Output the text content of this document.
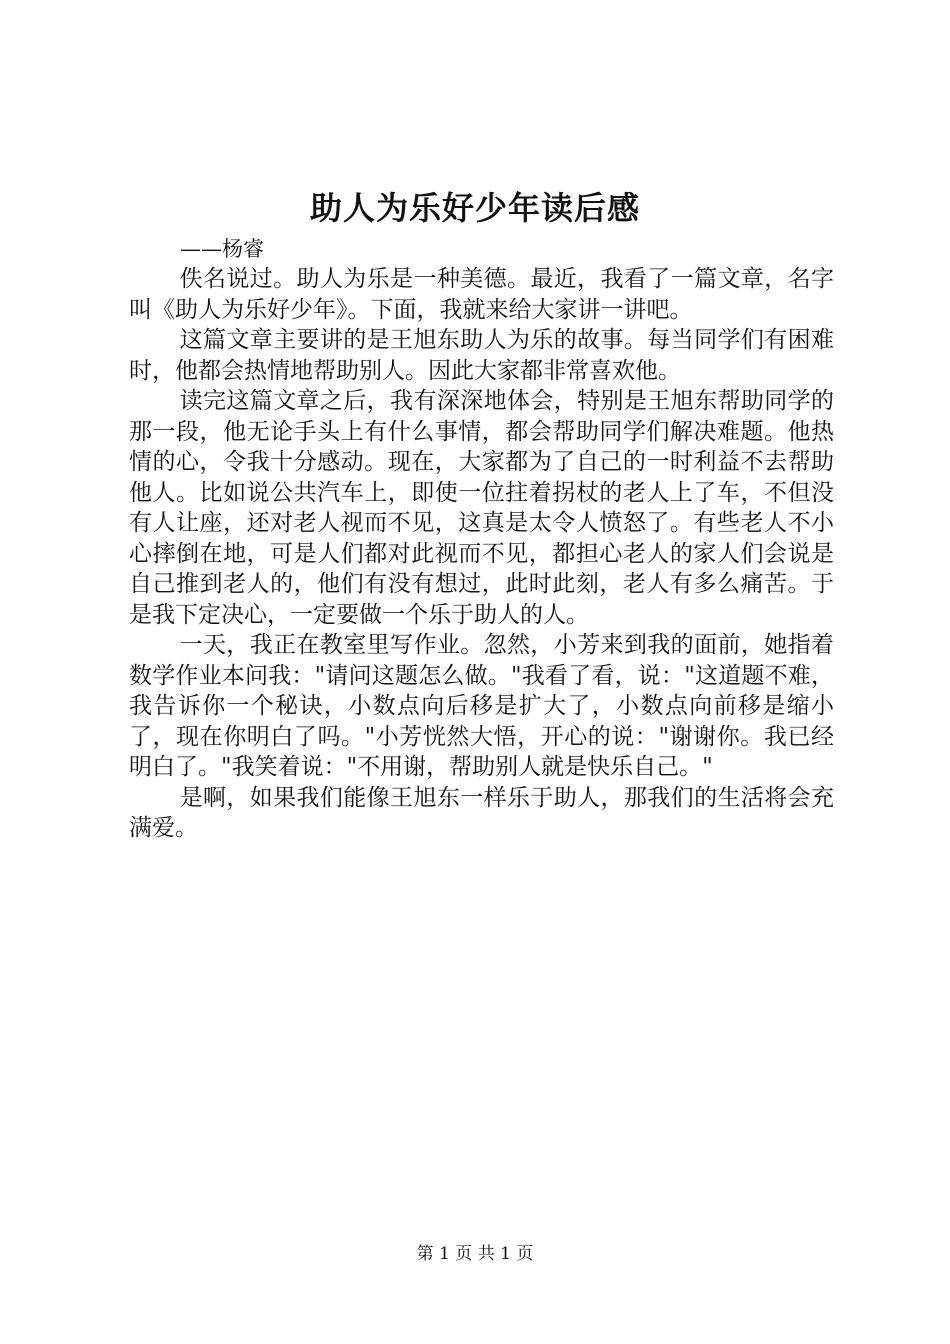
助人为乐好少年读后感
——杨睿

佚名说过。助人为乐是一种美德。最近，我看了一篇文章，名字叫《助人为乐好少年》。下面，我就来给大家讲一讲吧。

这篇文章主要讲的是王旭东助人为乐的故事。每当同学们有困难时，他都会热情地帮助别人。因此大家都非常喜欢他。

读完这篇文章之后，我有深深地体会，特别是王旭东帮助同学的那一段，他无论手头上有什么事情，都会帮助同学们解决难题。他热情的心，令我十分感动。现在，大家都为了自己的一时利益不去帮助他人。比如说公共汽车上，即使一位拄着拐杖的老人上了车，不但没有人让座，还对老人视而不见，这真是太令人愤怒了。有些老人不小心摔倒在地，可是人们都对此视而不见，都担心老人的家人们会说是自己推到老人的，他们有没有想过，此时此刻，老人有多么痛苦。于是我下定决心，一定要做一个乐于助人的人。

一天，我正在教室里写作业。忽然，小芳来到我的面前，她指着数学作业本问我："请问这题怎么做。"我看了看，说："这道题不难，我告诉你一个秘诀，小数点向后移是扩大了，小数点向前移是缩小了，现在你明白了吗。"小芳恍然大悟，开心的说："谢谢你。我已经明白了。"我笑着说："不用谢，帮助别人就是快乐自己。"

是啊，如果我们能像王旭东一样乐于助人，那我们的生活将会充满爱。

第 1 页 共 1 页
